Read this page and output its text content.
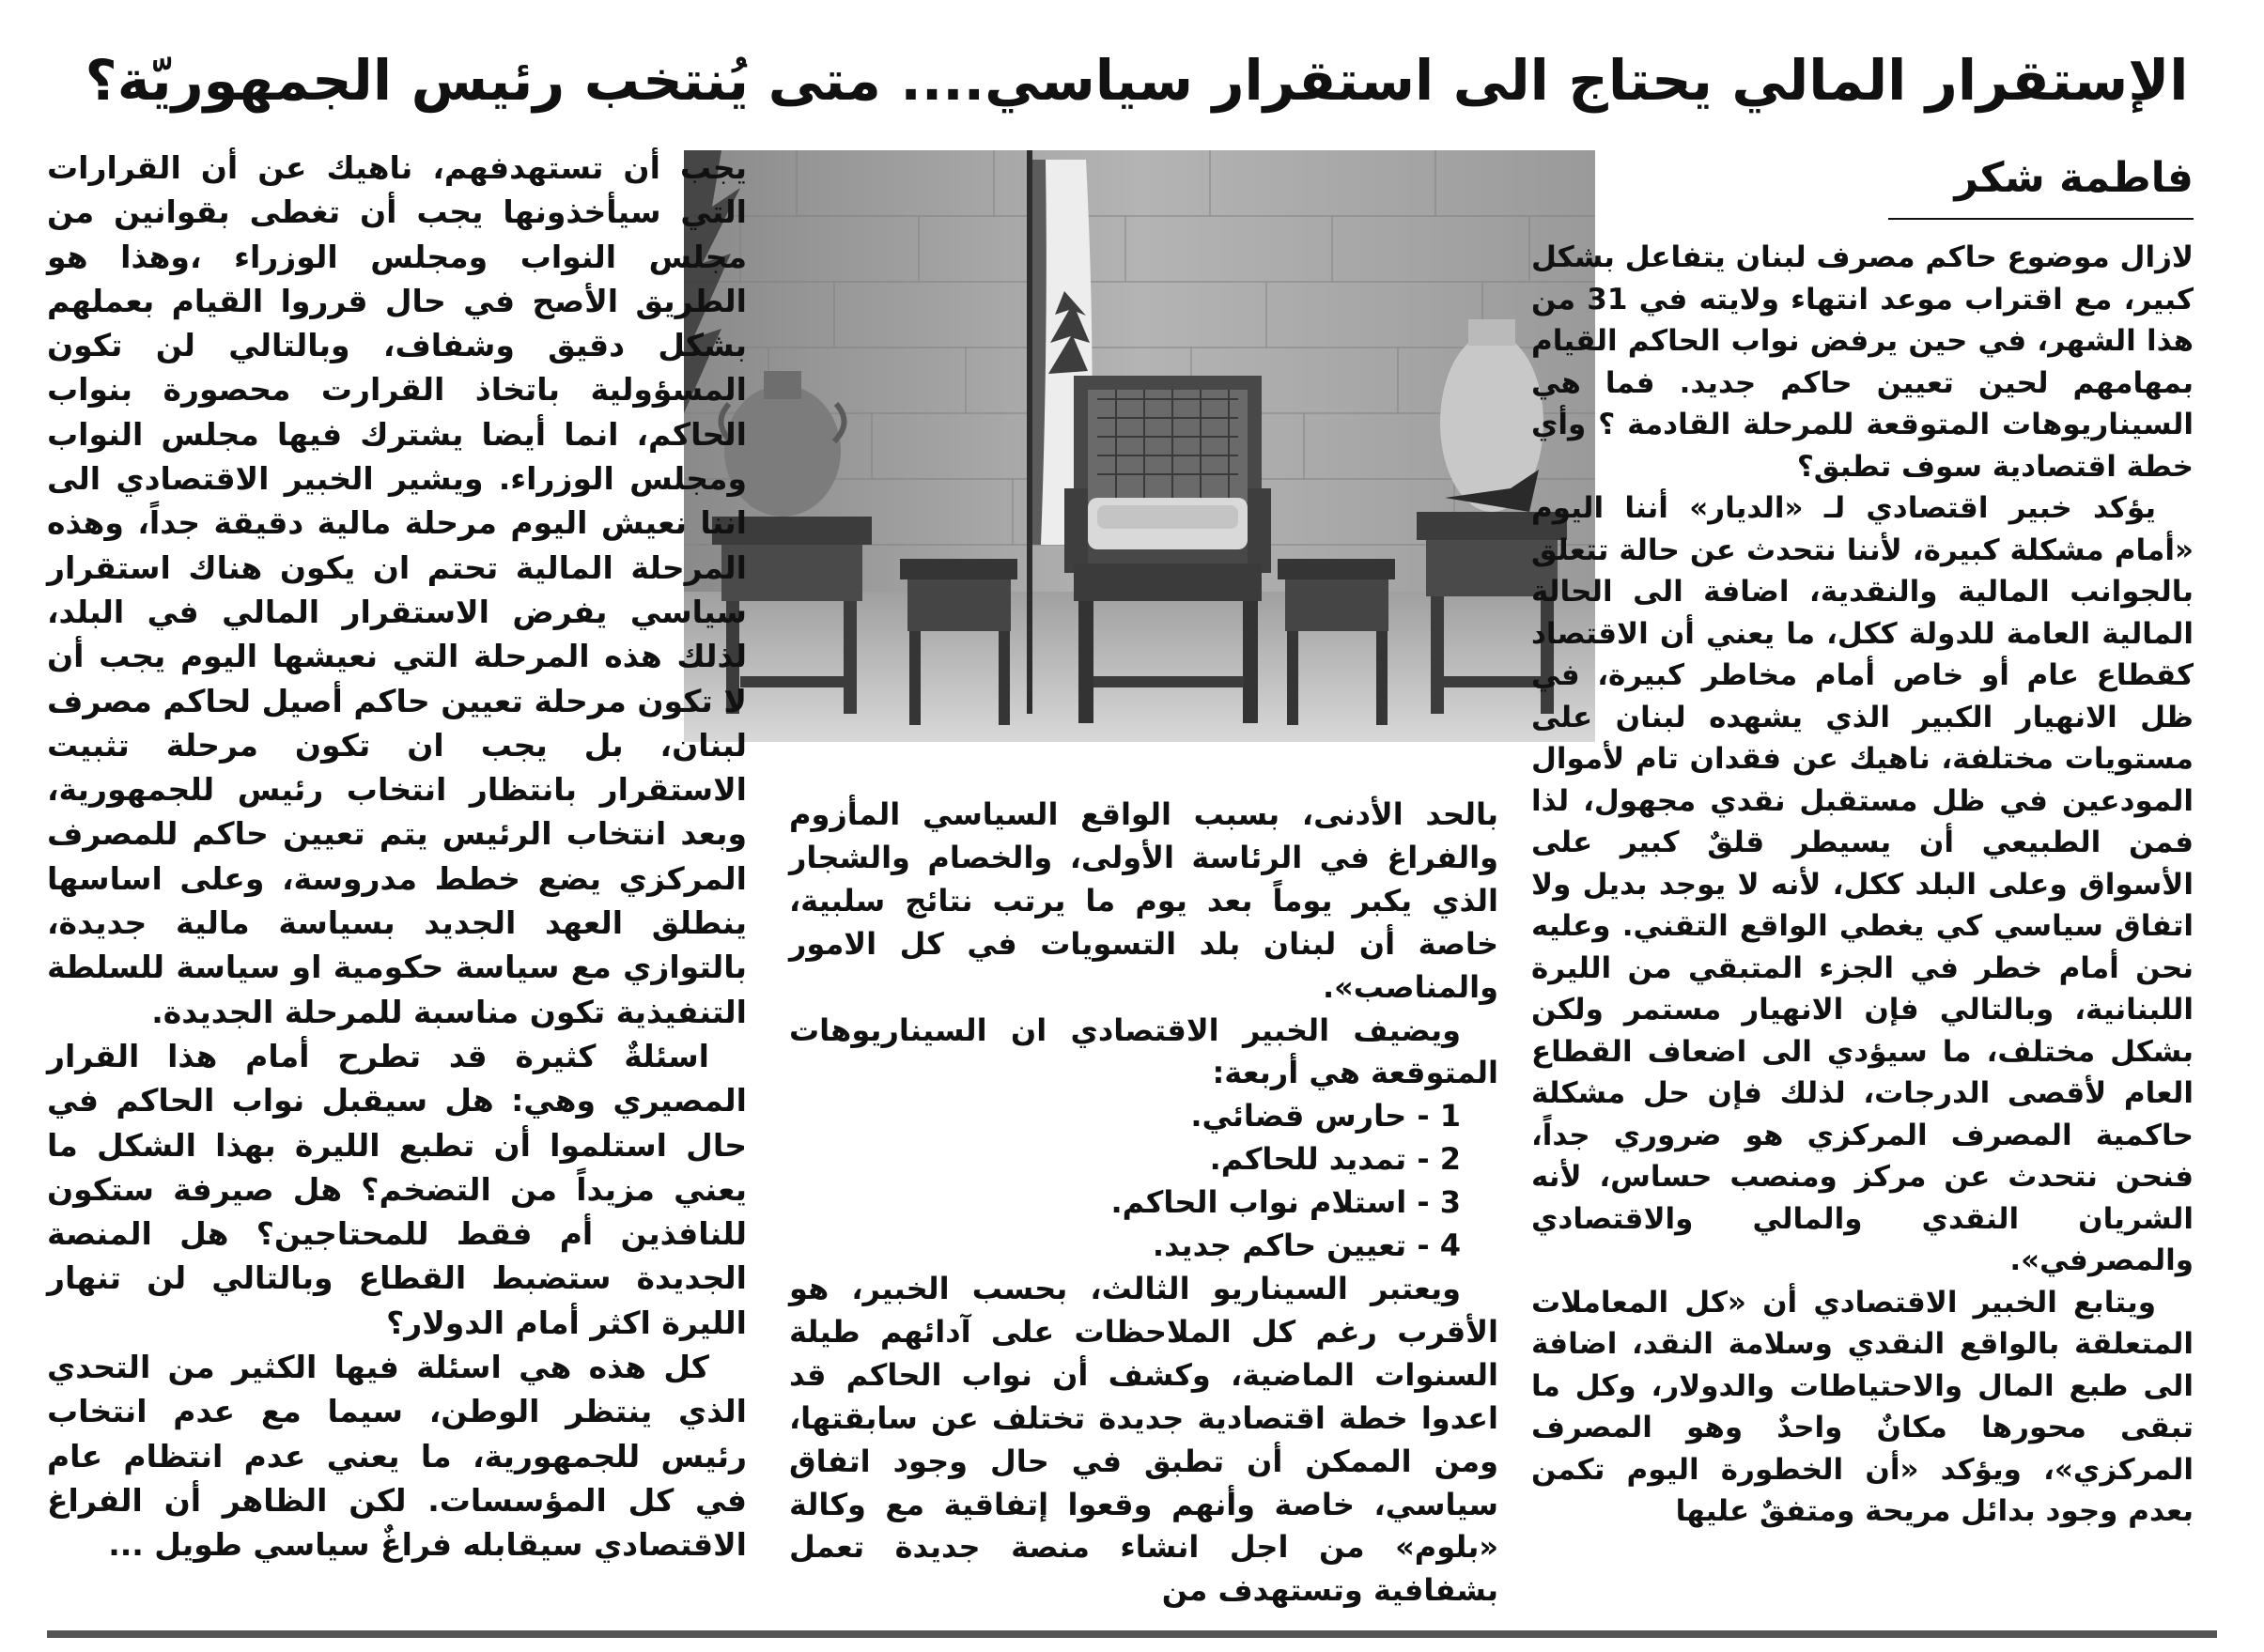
الإستقرار المالي يحتاج الى استقرار سياسي.... متى يُنتخب رئيس الجمهوريّة؟
فاطمة شكر

لازال موضوع حاكم مصرف لبنان يتفاعل بشكل كبير، مع اقتراب موعد انتهاء ولايته في 31 من هذا الشهر، في حين يرفض نواب الحاكم القيام بمهامهم لحين تعيين حاكم جديد. فما هي السيناريوهات المتوقعة للمرحلة القادمة ؟ وأي خطة اقتصادية سوف تطبق؟

يؤكد خبير اقتصادي لـ «الديار» أننا اليوم «أمام مشكلة كبيرة، لأننا نتحدث عن حالة تتعلق بالجوانب المالية والنقدية، اضافة الى الحالة المالية العامة للدولة ككل، ما يعني أن الاقتصاد كقطاع عام أو خاص أمام مخاطر كبيرة، في ظل الانهيار الكبير الذي يشهده لبنان على مستويات مختلفة، ناهيك عن فقدان تام لأموال المودعين في ظل مستقبل نقدي مجهول، لذا فمن الطبيعي أن يسيطر قلقٌ كبير على الأسواق وعلى البلد ككل، لأنه لا يوجد بديل ولا اتفاق سياسي كي يغطي الواقع التقني. وعليه نحن أمام خطر في الجزء المتبقي من الليرة اللبنانية، وبالتالي فإن الانهيار مستمر ولكن بشكل مختلف، ما سيؤدي الى اضعاف القطاع العام لأقصى الدرجات، لذلك فإن حل مشكلة حاكمية المصرف المركزي هو ضروري جداً، فنحن نتحدث عن مركز ومنصب حساس، لأنه الشريان النقدي والمالي والاقتصادي والمصرفي».

ويتابع الخبير الاقتصادي أن «كل المعاملات المتعلقة بالواقع النقدي وسلامة النقد، اضافة الى طبع المال والاحتياطات والدولار، وكل ما تبقى محورها مكانٌ واحدٌ وهو المصرف المركزي»، ويؤكد «أن الخطورة اليوم تكمن بعدم وجود بدائل مريحة ومتفقٌ عليها

بالحد الأدنى، بسبب الواقع السياسي المأزوم والفراغ في الرئاسة الأولى، والخصام والشجار الذي يكبر يوماً بعد يوم ما يرتب نتائج سلبية، خاصة أن لبنان بلد التسويات في كل الامور والمناصب».

ويضيف الخبير الاقتصادي ان السيناريوهات المتوقعة هي أربعة:

1 - حارس قضائي.

2 - تمديد للحاكم.

3 - استلام نواب الحاكم.

4 - تعيين حاكم جديد.

ويعتبر السيناريو الثالث، بحسب الخبير، هو الأقرب رغم كل الملاحظات على آدائهم طيلة السنوات الماضية، وكشف أن نواب الحاكم قد اعدوا خطة اقتصادية جديدة تختلف عن سابقتها، ومن الممكن أن تطبق في حال وجود اتفاق سياسي، خاصة وأنهم وقعوا إتفاقية مع وكالة «بلوم» من اجل انشاء منصة جديدة تعمل بشفافية وتستهدف من

يجب أن تستهدفهم، ناهيك عن أن القرارات التي سيأخذونها يجب أن تغطى بقوانين من مجلس النواب ومجلس الوزراء ،وهذا هو الطريق الأصح في حال قرروا القيام بعملهم بشكل دقيق وشفاف، وبالتالي لن تكون المسؤولية باتخاذ القرارت محصورة بنواب الحاكم، انما أيضا يشترك فيها مجلس النواب ومجلس الوزراء. ويشير الخبير الاقتصادي الى اننا نعيش اليوم مرحلة مالية دقيقة جداً، وهذه المرحلة المالية تحتم ان يكون هناك استقرار سياسي يفرض الاستقرار المالي في البلد، لذلك هذه المرحلة التي نعيشها اليوم يجب أن لا تكون مرحلة تعيين حاكم أصيل لحاكم مصرف لبنان، بل يجب ان تكون مرحلة تثبيت الاستقرار بانتظار انتخاب رئيس للجمهورية، وبعد انتخاب الرئيس يتم تعيين حاكم للمصرف المركزي يضع خطط مدروسة، وعلى اساسها ينطلق العهد الجديد بسياسة مالية جديدة، بالتوازي مع سياسة حكومية او سياسة للسلطة التنفيذية تكون مناسبة للمرحلة الجديدة.

اسئلةٌ كثيرة قد تطرح أمام هذا القرار المصيري وهي: هل سيقبل نواب الحاكم في حال استلموا أن تطبع الليرة بهذا الشكل ما يعني مزيداً من التضخم؟ هل صيرفة ستكون للنافذين أم فقط للمحتاجين؟ هل المنصة الجديدة ستضبط القطاع وبالتالي لن تنهار الليرة اكثر أمام الدولار؟

كل هذه هي اسئلة فيها الكثير من التحدي الذي ينتظر الوطن، سيما مع عدم انتخاب رئيس للجمهورية، ما يعني عدم انتظام عام في كل المؤسسات. لكن الظاهر أن الفراغ الاقتصادي سيقابله فراغٌ سياسي طويل ...
